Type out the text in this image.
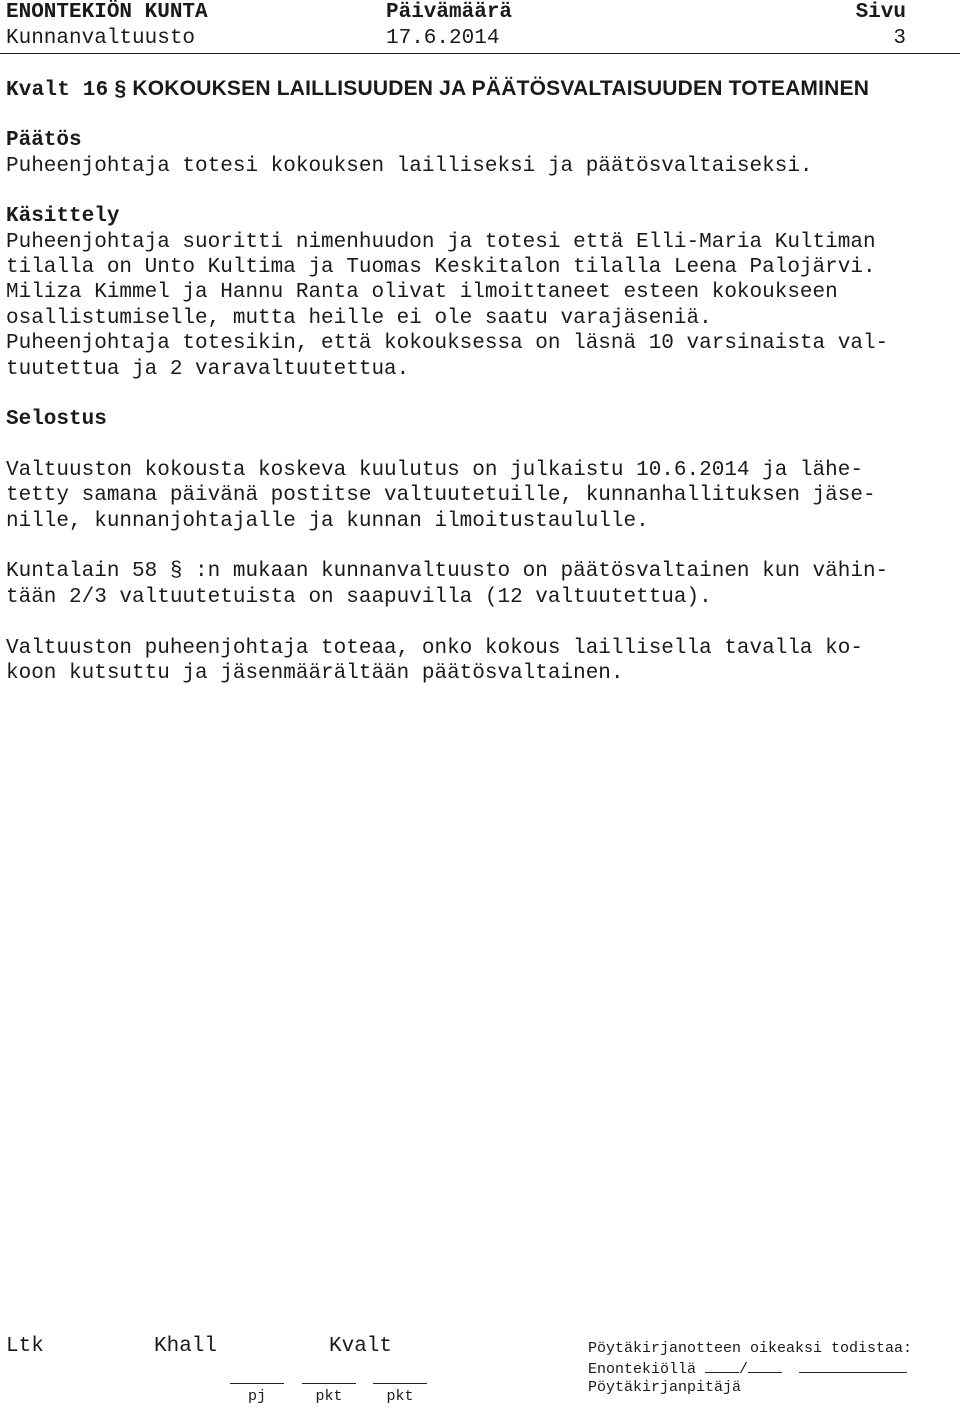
ENONTEKIÖN KUNTA	Päivämäärä	Sivu
Kunnanvaltuusto	17.6.2014	3
Kvalt 16 § KOKOUKSEN LAILLISUUDEN JA PÄÄTÖSVALTAISUUDEN TOTEAMINEN
Päätös
Puheenjohtaja totesi kokouksen lailliseksi ja päätösvaltaiseksi.
Käsittely
Puheenjohtaja suoritti nimenhuudon ja totesi että Elli-Maria Kultiman
tilalla on Unto Kultima ja Tuomas Keskitalon tilalla Leena Palojärvi.
Miliza Kimmel ja Hannu Ranta olivat ilmoittaneet esteen kokoukseen
osallistumiselle, mutta heille ei ole saatu varajäseniä.
Puheenjohtaja totesikin, että kokouksessa on läsnä 10 varsinaista val-
tuutettua ja 2 varavaltuutettua.
Selostus
Valtuuston kokousta koskeva kuulutus on julkaistu 10.6.2014 ja lähe-
tetty samana päivänä postitse valtuutetuille, kunnanhallituksen jäse-
nille, kunnanjohtajalle ja kunnan ilmoitustaululle.
Kuntalain 58 § :n mukaan kunnanvaltuusto on päätösvaltainen kun vähin-
tään 2/3 valtuutetuista on saapuvilla (12 valtuutettua).
Valtuuston puheenjohtaja toteaa, onko kokous laillisella tavalla ko-
koon kutsuttu ja jäsenmäärältään päätösvaltainen.
Ltk	Khall	Kvalt
pj	pkt	pkt
Pöytäkirjanotteen oikeaksi todistaa:
Enontekiöllä	/
Pöytäkirjanpitäjä
